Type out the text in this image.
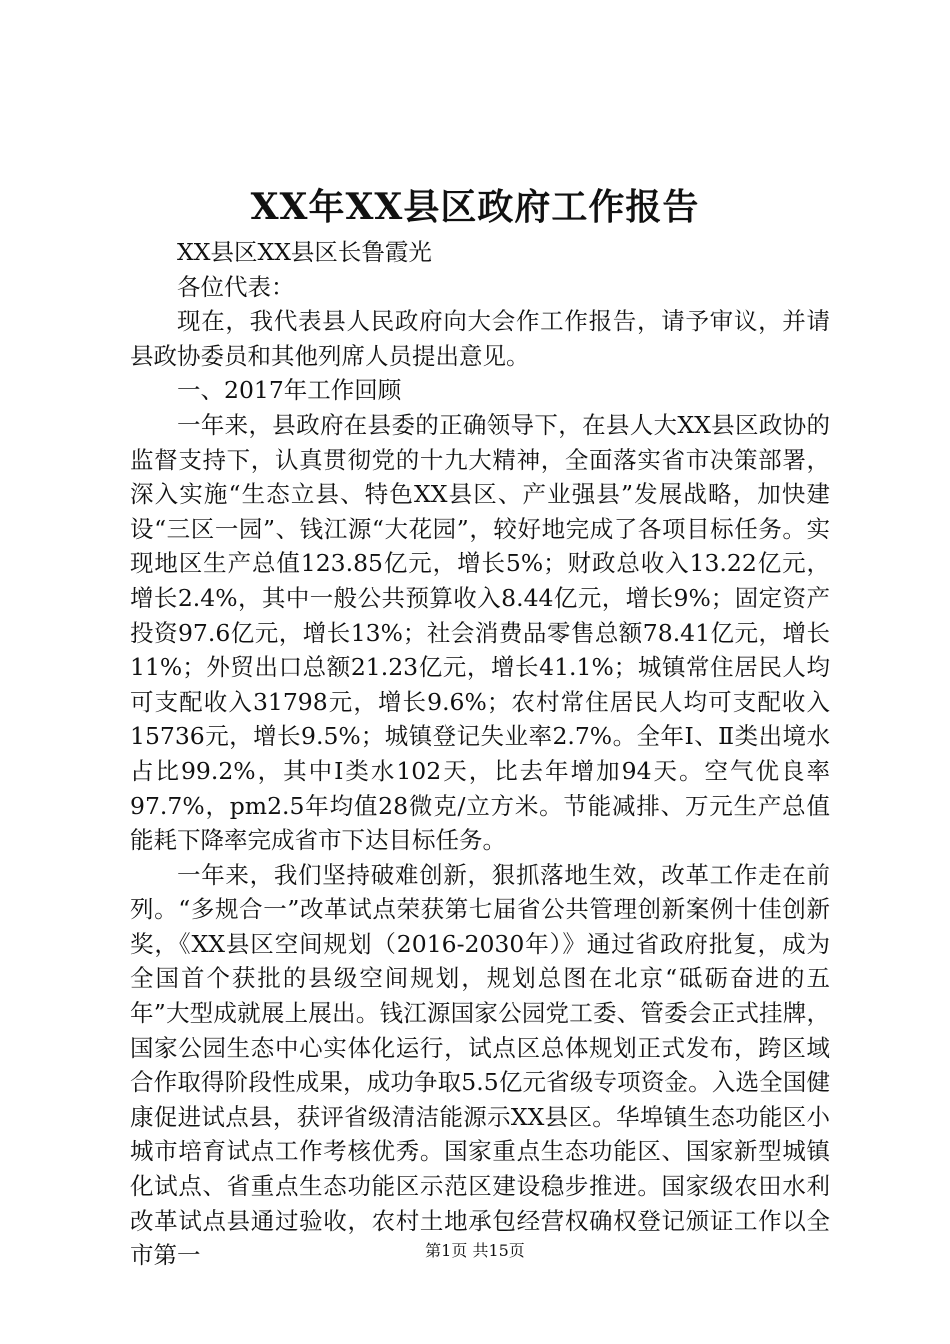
XX年XX县区政府工作报告

XX县区XX县区长鲁霞光

各位代表：

现在，我代表县人民政府向大会作工作报告，请予审议，并请县政协委员和其他列席人员提出意见。

一、2017年工作回顾

一年来，县政府在县委的正确领导下，在县人大XX县区政协的监督支持下，认真贯彻党的十九大精神，全面落实省市决策部署，深入实施“生态立县、特色XX县区、产业强县”发展战略，加快建设“三区一园”、钱江源“大花园”，较好地完成了各项目标任务。实现地区生产总值123.85亿元，增长5%；财政总收入13.22亿元，增长2.4%，其中一般公共预算收入8.44亿元，增长9%；固定资产投资97.6亿元，增长13%；社会消费品零售总额78.41亿元，增长11%；外贸出口总额21.23亿元，增长41.1%；城镇常住居民人均可支配收入31798元，增长9.6%；农村常住居民人均可支配收入15736元，增长9.5%；城镇登记失业率2.7%。全年Ⅰ、Ⅱ类出境水占比99.2%，其中Ⅰ类水102天，比去年增加94天。空气优良率97.7%，pm2.5年均值28微克/立方米。节能减排、万元生产总值能耗下降率完成省市下达目标任务。

一年来，我们坚持破难创新，狠抓落地生效，改革工作走在前列。“多规合一”改革试点荣获第七届省公共管理创新案例十佳创新奖，《XX县区空间规划（2016-2030年）》通过省政府批复，成为全国首个获批的县级空间规划，规划总图在北京“砥砺奋进的五年”大型成就展上展出。钱江源国家公园党工委、管委会正式挂牌，国家公园生态中心实体化运行，试点区总体规划正式发布，跨区域合作取得阶段性成果，成功争取5.5亿元省级专项资金。入选全国健康促进试点县，获评省级清洁能源示XX县区。华埠镇生态功能区小城市培育试点工作考核优秀。国家重点生态功能区、国家新型城镇化试点、省重点生态功能区示范区建设稳步推进。国家级农田水利改革试点县通过验收，农村土地承包经营权确权登记颁证工作以全市第一	第1页 共15页
